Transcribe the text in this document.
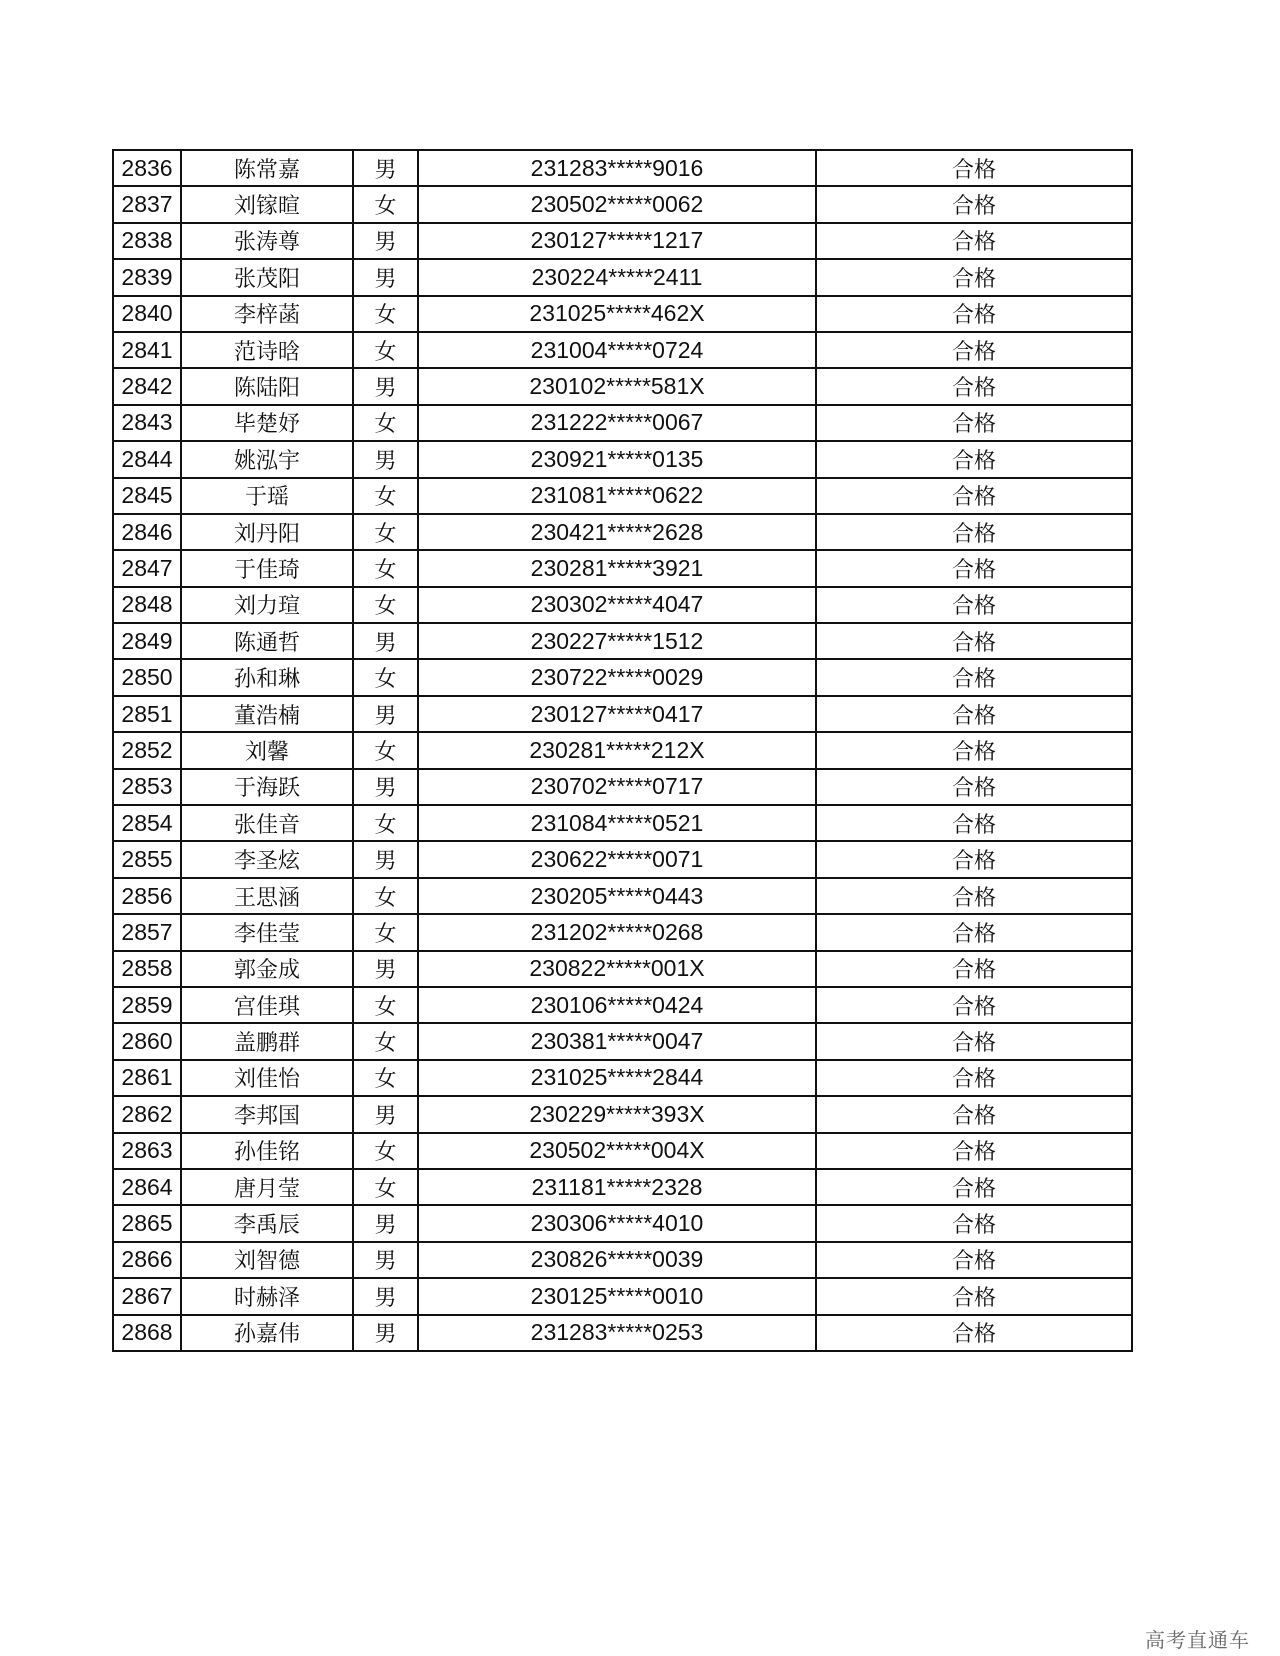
2836	陈常嘉	男	231283*****9016	合格
2837	刘镓暄	女	230502*****0062	合格
2838	张涛尊	男	230127*****1217	合格
2839	张茂阳	男	230224*****2411	合格
2840	李梓菡	女	231025*****462X	合格
2841	范诗晗	女	231004*****0724	合格
2842	陈陆阳	男	230102*****581X	合格
2843	毕楚妤	女	231222*****0067	合格
2844	姚泓宇	男	230921*****0135	合格
2845	于瑶	女	231081*****0622	合格
2846	刘丹阳	女	230421*****2628	合格
2847	于佳琦	女	230281*****3921	合格
2848	刘力瑄	女	230302*****4047	合格
2849	陈通哲	男	230227*****1512	合格
2850	孙和琳	女	230722*****0029	合格
2851	董浩楠	男	230127*****0417	合格
2852	刘馨	女	230281*****212X	合格
2853	于海跃	男	230702*****0717	合格
2854	张佳音	女	231084*****0521	合格
2855	李圣炫	男	230622*****0071	合格
2856	王思涵	女	230205*****0443	合格
2857	李佳莹	女	231202*****0268	合格
2858	郭金成	男	230822*****001X	合格
2859	宫佳琪	女	230106*****0424	合格
2860	盖鹏群	女	230381*****0047	合格
2861	刘佳怡	女	231025*****2844	合格
2862	李邦国	男	230229*****393X	合格
2863	孙佳铭	女	230502*****004X	合格
2864	唐月莹	女	231181*****2328	合格
2865	李禹辰	男	230306*****4010	合格
2866	刘智德	男	230826*****0039	合格
2867	时赫泽	男	230125*****0010	合格
2868	孙嘉伟	男	231283*****0253	合格
高考直通车
